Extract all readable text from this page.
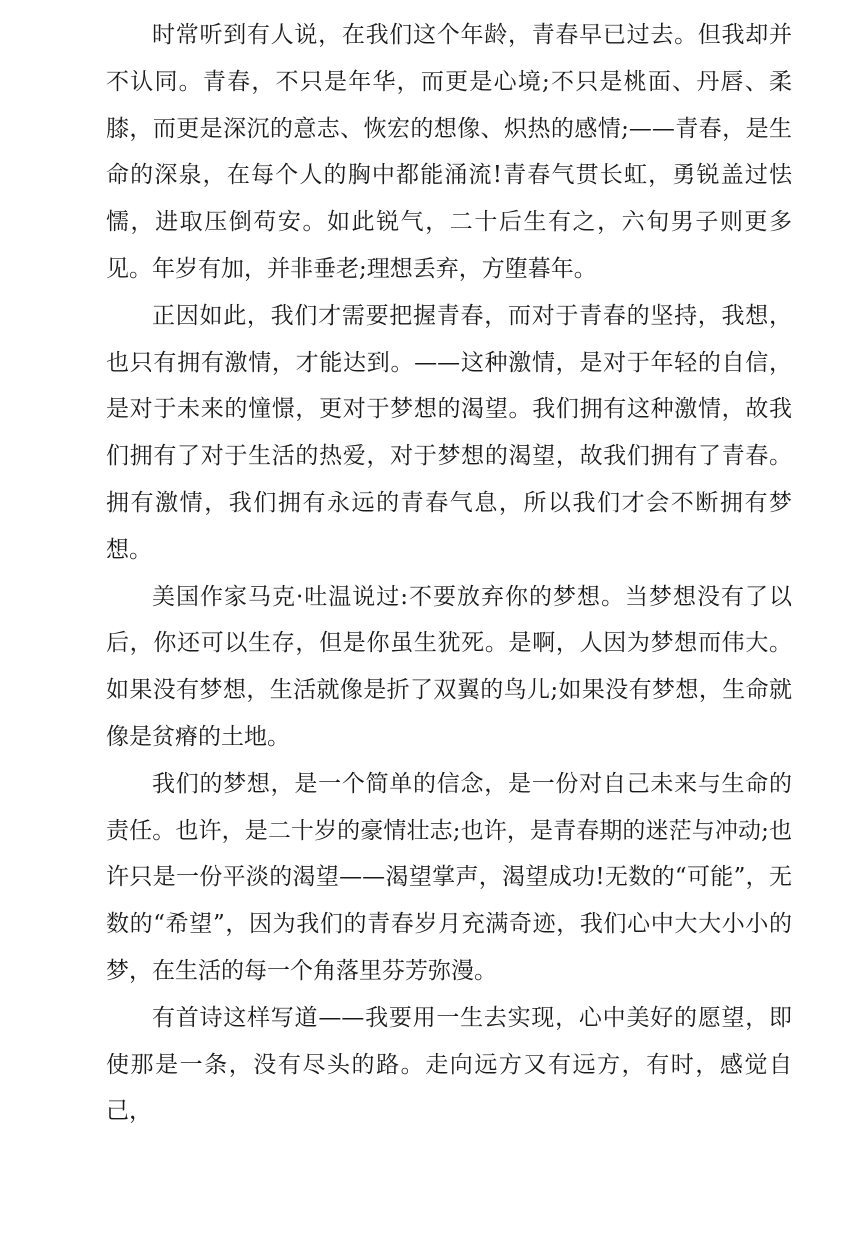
时常听到有人说，在我们这个年龄，青春早已过去。但我却并不认同。青春，不只是年华，而更是心境;不只是桃面、丹唇、柔膝，而更是深沉的意志、恢宏的想像、炽热的感情;——青春，是生命的深泉，在每个人的胸中都能涌流!青春气贯长虹，勇锐盖过怯懦，进取压倒苟安。如此锐气，二十后生有之，六旬男子则更多见。年岁有加，并非垂老;理想丢弃，方堕暮年。

正因如此，我们才需要把握青春，而对于青春的坚持，我想，也只有拥有激情，才能达到。——这种激情，是对于年轻的自信，是对于未来的憧憬，更对于梦想的渴望。我们拥有这种激情，故我们拥有了对于生活的热爱，对于梦想的渴望，故我们拥有了青春。拥有激情，我们拥有永远的青春气息，所以我们才会不断拥有梦想。

美国作家马克·吐温说过:不要放弃你的梦想。当梦想没有了以后，你还可以生存，但是你虽生犹死。是啊，人因为梦想而伟大。如果没有梦想，生活就像是折了双翼的鸟儿;如果没有梦想，生命就像是贫瘠的土地。

我们的梦想，是一个简单的信念，是一份对自己未来与生命的责任。也许，是二十岁的豪情壮志;也许，是青春期的迷茫与冲动;也许只是一份平淡的渴望——渴望掌声，渴望成功!无数的“可能”，无数的“希望”，因为我们的青春岁月充满奇迹，我们心中大大小小的梦，在生活的每一个角落里芬芳弥漫。

有首诗这样写道——我要用一生去实现，心中美好的愿望，即使那是一条，没有尽头的路。走向远方又有远方，有时，感觉自己，
